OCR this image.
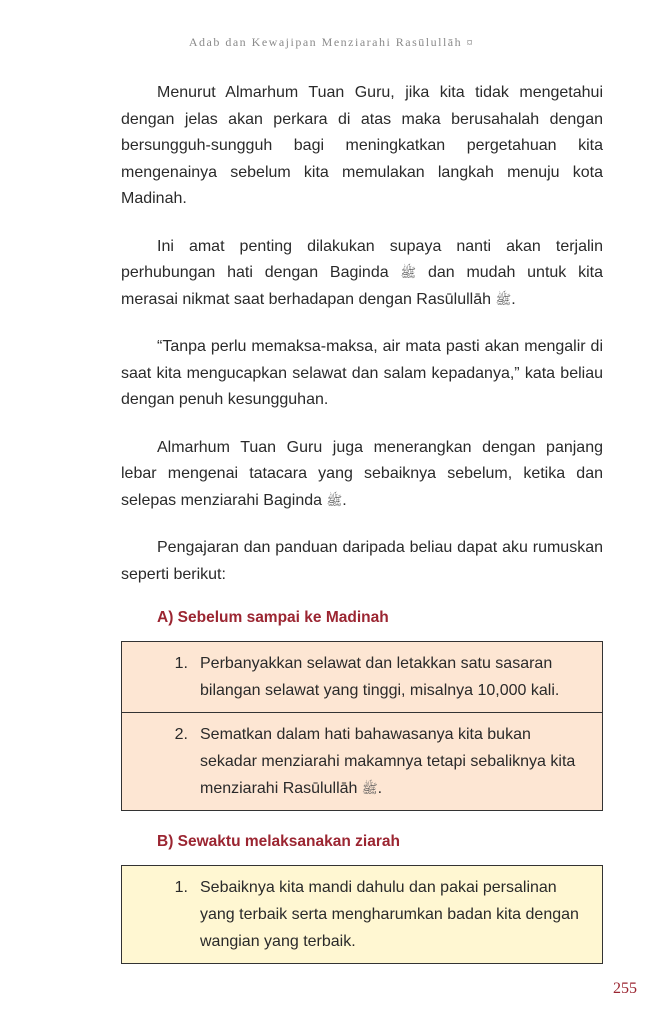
Adab dan Kewajipan Menziarahi Rasūlullāh ¤

Menurut Almarhum Tuan Guru, jika kita tidak mengetahui dengan jelas akan perkara di atas maka berusahalah dengan bersungguh-sungguh bagi meningkatkan pergetahuan kita mengenainya sebelum kita memulakan langkah menuju kota Madinah.

Ini amat penting dilakukan supaya nanti akan terjalin perhubungan hati dengan Baginda ﷺ dan mudah untuk kita merasai nikmat saat berhadapan dengan Rasūlullāh ﷺ.

“Tanpa perlu memaksa-maksa, air mata pasti akan mengalir di saat kita mengucapkan selawat dan salam kepadanya,” kata beliau dengan penuh kesungguhan.

Almarhum Tuan Guru juga menerangkan dengan panjang lebar mengenai tatacara yang sebaiknya sebelum, ketika dan selepas menziarahi Baginda ﷺ.

Pengajaran dan panduan daripada beliau dapat aku rumuskan seperti berikut:

A) Sebelum sampai ke Madinah
1. Perbanyakkan selawat dan letakkan satu sasaran bilangan selawat yang tinggi, misalnya 10,000 kali.

2. Sematkan dalam hati bahawasanya kita bukan sekadar menziarahi makamnya tetapi sebaliknya kita menziarahi Rasūlullāh ﷺ.
B) Sewaktu melaksanakan ziarah
1. Sebaiknya kita mandi dahulu dan pakai persalinan yang terbaik serta mengharumkan badan kita dengan wangian yang terbaik.
255
